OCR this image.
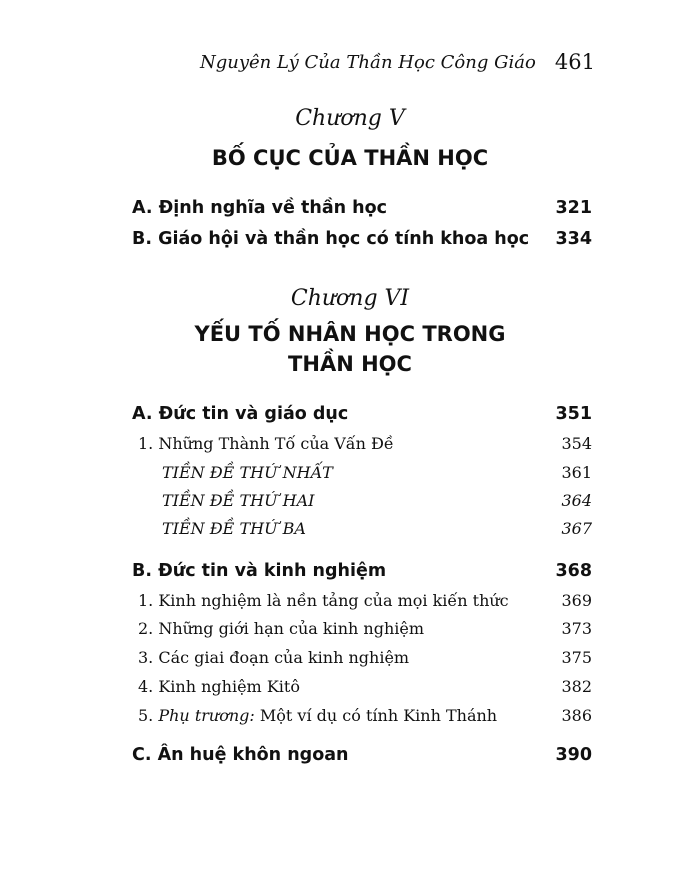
Nguyên Lý Của Thần Học Công Giáo 461
Chương V
BỐ CỤC CỦA THẦN HỌC
A. Định nghĩa về thần học	321
B. Giáo hội và thần học có tính khoa học 334
Chương VI
YẾU TỐ NHÂN HỌC TRONG
THẦN HỌC
A. Đức tin và giáo dục	351
1. Những Thành Tố của Vấn Đề	354
TIỀN ĐỀ THỨ NHẤT	361
TIỀN ĐỀ THỨ HAI	364
TIỀN ĐỀ THỨ BA	367
B. Đức tin và kinh nghiệm	368
1. Kinh nghiệm là nền tảng của mọi kiến thức	369
2. Những giới hạn của kinh nghiệm	373
3. Các giai đoạn của kinh nghiệm	375
4. Kinh nghiệm Kitô	382
5. Phụ trương: Một ví dụ có tính Kinh Thánh	386
C. Ân huệ khôn ngoan	390
